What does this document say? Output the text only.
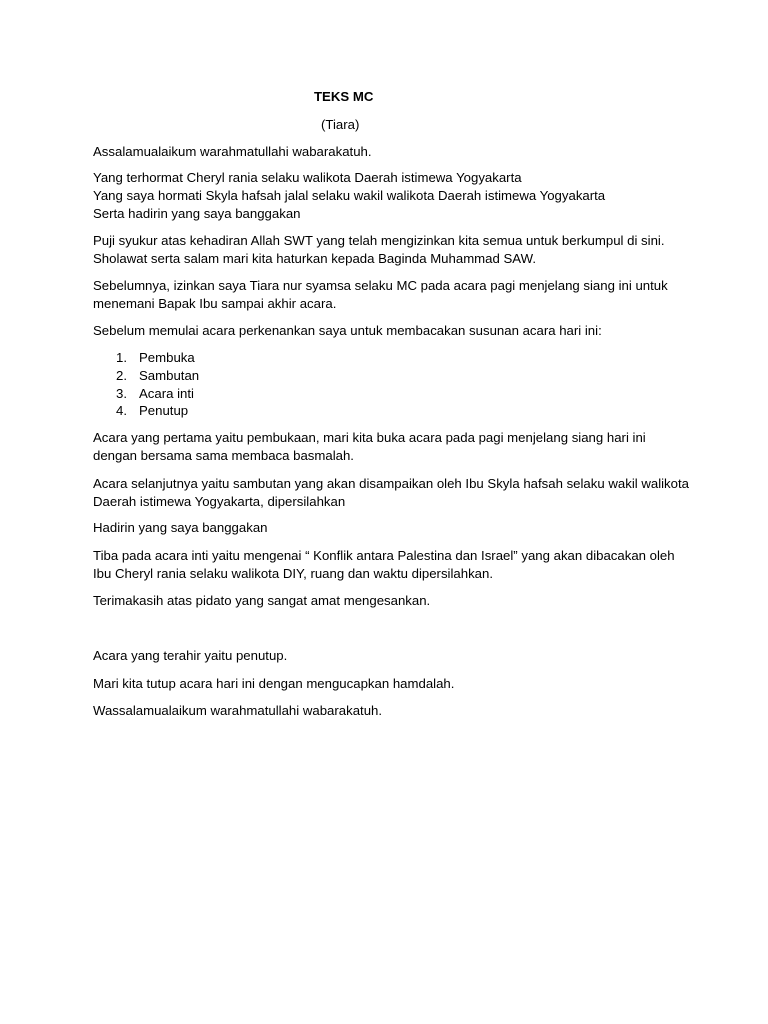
TEKS MC

(Tiara)

Assalamualaikum warahmatullahi wabarakatuh.

Yang terhormat Cheryl rania selaku walikota Daerah istimewa Yogyakarta

Yang saya hormati Skyla hafsah jalal selaku wakil walikota Daerah istimewa Yogyakarta

Serta hadirin yang saya banggakan

Puji syukur atas kehadiran Allah SWT yang telah mengizinkan kita semua untuk berkumpul di sini.

Sholawat serta salam mari kita haturkan kepada Baginda Muhammad SAW.

Sebelumnya, izinkan saya Tiara nur syamsa selaku MC pada acara pagi menjelang siang ini untuk

menemani Bapak Ibu sampai akhir acara.

Sebelum memulai acara perkenankan saya untuk membacakan susunan acara hari ini:

1. Pembuka
2. Sambutan
3. Acara inti
4. Penutup

Acara yang pertama yaitu pembukaan, mari kita buka acara pada pagi menjelang siang hari ini

dengan bersama sama membaca basmalah.

Acara selanjutnya yaitu sambutan yang akan disampaikan oleh Ibu Skyla hafsah selaku wakil walikota

Daerah istimewa Yogyakarta, dipersilahkan

Hadirin yang saya banggakan

Tiba pada acara inti yaitu mengenai “ Konflik antara Palestina dan Israel” yang akan dibacakan oleh

Ibu Cheryl rania selaku walikota DIY, ruang dan waktu dipersilahkan.

Terimakasih atas pidato yang sangat amat mengesankan.

Acara yang terahir yaitu penutup.

Mari kita tutup acara hari ini dengan mengucapkan hamdalah.

Wassalamualaikum warahmatullahi wabarakatuh.
